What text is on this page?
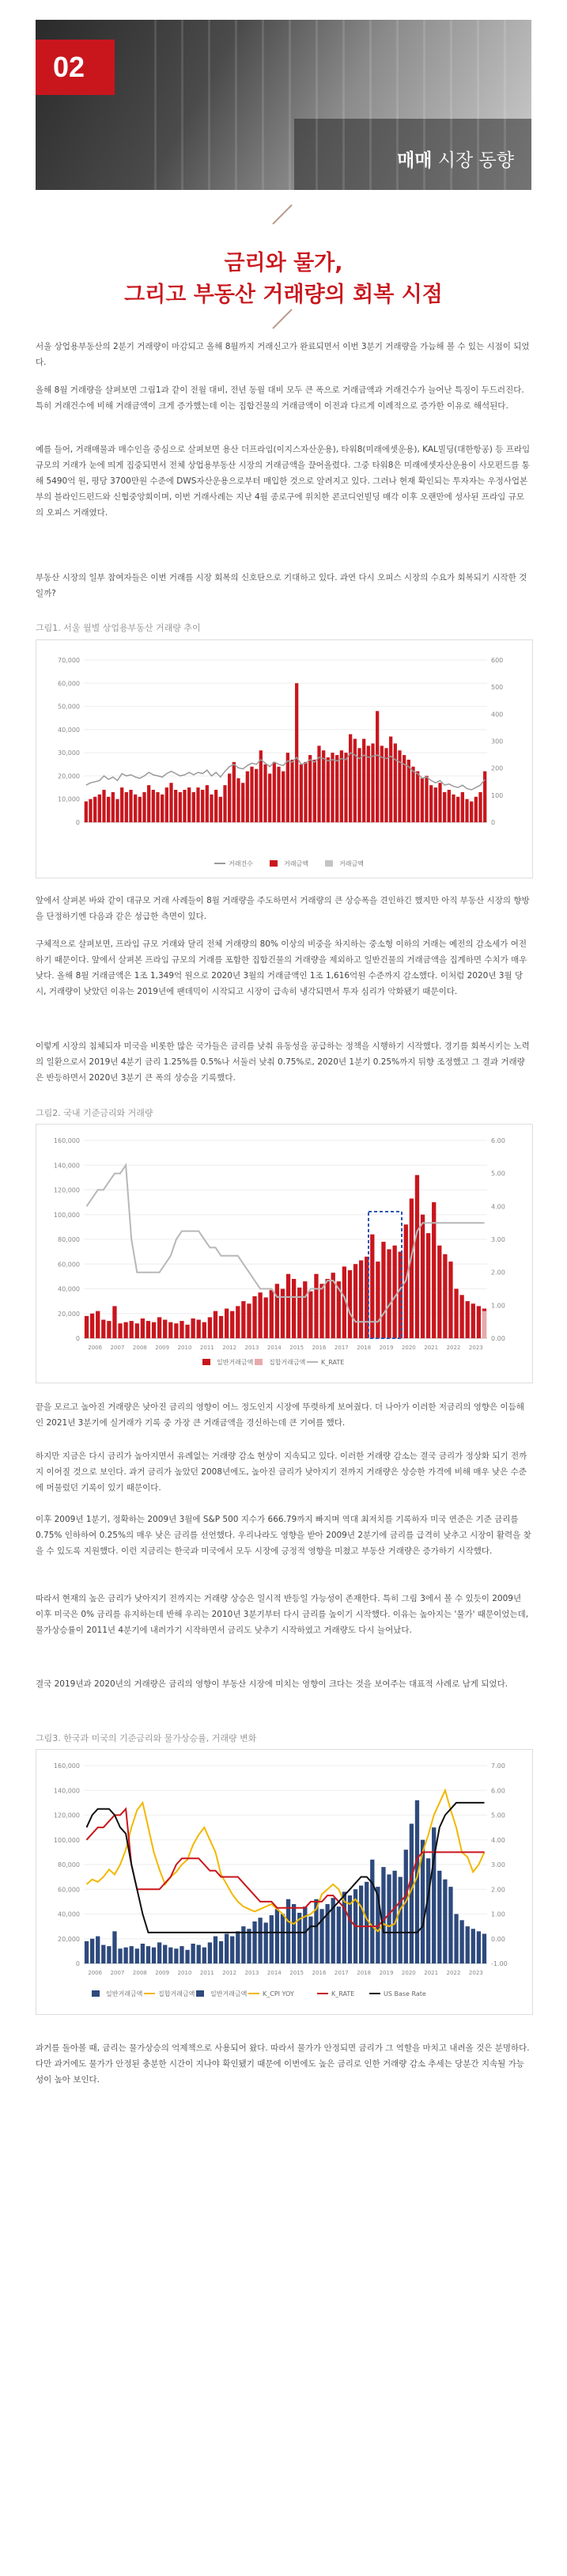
02
매매 시장 동향
금리와 물가,
그리고 부동산 거래량의 회복 시점

서울 상업용부동산의 2분기 거래량이 마감되고 올해 8월까지 거래신고가 완료되면서 이번 3분기 거래량을 가늠해 볼 수 있는 시점이 되었다.

올해 8월 거래량을 살펴보면 그림1과 같이 전월 대비, 전년 동월 대비 모두 큰 폭으로 거래금액과 거래건수가 늘어난 특징이 두드러진다. 특히 거래건수에 비해 거래금액이 크게 증가했는데 이는 집합건물의 거래금액이 이전과 다르게 이례적으로 증가한 이유로 해석된다.

예를 들어, 거래매물과 매수인을 중심으로 살펴보면 용산 더프라임(이지스자산운용), 타워8(미래에셋운용), KAL빌딩(대한항공) 등 프라임 규모의 거래가 눈에 띄게 집중되면서 전체 상업용부동산 시장의 거래금액을 끌어올렸다. 그중 타워8은 미래에셋자산운용이 사모펀드를 통해 5490억 원, 평당 3700만원 수준에 DWS자산운용으로부터 매입한 것으로 알려지고 있다. 그러나 현재 확인되는 투자자는 우정사업본부의 블라인드펀드와 신협중앙회이며, 이번 거래사례는 지난 4월 종로구에 위치한 콘코디언빌딩 매각 이후 오랜만에 성사된 프라임 규모의 오피스 거래였다.

부동산 시장의 일부 참여자들은 이번 거래를 시장 회복의 신호탄으로 기대하고 있다. 과연 다시 오피스 시장의 수요가 회복되기 시작한 것일까?

그림1. 서울 월별 상업용부동산 거래량 추이
70,000
60,000
50,000
40,000
30,000
20,000
10,000
0
600
500
400
300
200
100
0
거래건수	거래금액	거래금액

앞에서 살펴본 바와 같이 대규모 거래 사례들이 8월 거래량을 주도하면서 거래량의 큰 상승폭을 견인하긴 했지만 아직 부동산 시장의 향방을 단정하기엔 다음과 같은 성급한 측면이 있다.

구체적으로 살펴보면, 프라임 규모 거래와 달리 전체 거래량의 80% 이상의 비중을 차지하는 중소형 이하의 거래는 예전의 감소세가 여전하기 때문이다. 앞에서 살펴본 프라임 규모의 거래를 포함한 집합건물의 거래량을 제외하고 일반건물의 거래금액을 집계하면 수치가 매우 낮다. 올해 8월 거래금액은 1조 1,349억 원으로 2020년 3월의 거래금액인 1조 1,616억원 수준까지 감소했다. 이처럼 2020년 3월 당시, 거래량이 낮았던 이유는 2019년에 팬데믹이 시작되고 시장이 급속히 냉각되면서 투자 심리가 악화됐기 때문이다.

이렇게 시장의 침체되자 미국을 비롯한 많은 국가들은 금리를 낮춰 유동성을 공급하는 정책을 시행하기 시작했다. 경기를 회복시키는 노력의 일환으로서 2019년 4분기 금리 1.25%를 0.5%나 서둘러 낮춰 0.75%로, 2020년 1분기 0.25%까지 뒤향 조정했고 그 결과 거래량은 반등하면서 2020년 3분기 큰 폭의 상승을 기록했다.

그림2. 국내 기준금리와 거래량
160,000
140,000
120,000
100,000
80,000
60,000
40,000
20,000
0
6.00
5.00
4.00
3.00
2.00
1.00
0.00
2006 2007 2008 2009 2010 2011 2012 2013 2014 2015 2016 2017 2018 2019 2020 2021 2022 2023
일반거래금액 집합거래금액 K_RATE

끝을 모르고 높아진 거래량은 낮아진 금리의 영향이 어느 정도인지 시장에 뚜렷하게 보여줬다. 더 나아가 이러한 저금리의 영향은 이듬해인 2021년 3분기에 실거래가 기록 중 가장 큰 거래금액을 경신하는데 큰 기여를 했다.

하지만 지금은 다시 금리가 높아지면서 유례없는 거래량 감소 현상이 지속되고 있다. 이러한 거래량 감소는 결국 금리가 정상화 되기 전까지 이어질 것으로 보인다. 과거 금리가 높았던 2008년에도, 높아진 금리가 낮아지기 전까지 거래량은 상승한 가격에 비해 매우 낮은 수준에 머물렀던 기록이 있기 때문이다.

이후 2009년 1분기, 정확하는 2009년 3월에 S&P 500 지수가 666.79까지 빠지며 역대 최저치를 기록하자 미국 연준은 기준 금리를 0.75% 인하하여 0.25%의 매우 낮은 금리를 선언했다. 우리나라도 영향을 받아 2009년 2분기에 금리를 급격히 낮추고 시장이 활력을 찾을 수 있도록 지원했다. 이런 지금리는 한국과 미국에서 모두 시장에 긍정적 영향을 미쳤고 부동산 거래량은 증가하기 시작했다.

따라서 현재의 높은 금리가 낮아지기 전까지는 거래량 상승은 일시적 반등일 가능성이 존재한다. 특히 그림 3에서 볼 수 있듯이 2009년 이후 미국은 0% 금리를 유지하는데 반해 우리는 2010년 3분기부터 다시 금리를 높이기 시작했다. 이유는 높아지는 '물가' 때문이었는데, 물가상승률이 2011년 4분기에 내려가기 시작하면서 금리도 낮추기 시작하였고 거래량도 다시 늘어났다.

결국 2019년과 2020년의 거래량은 금리의 영향이 부동산 시장에 미치는 영향이 크다는 것을 보여주는 대표적 사례로 남게 되었다.

그림3. 한국과 미국의 기준금리와 물가상승률, 거래량 변화
160,000
140,000
120,000
100,000
80,000
60,000
40,000
20,000
0
7.00
6.00
5.00
4.00
3.00
2.00
1.00
0.00
-1.00
2006 2007 2008 2009 2010 2011 2012 2013 2014 2015 2016 2017 2018 2019 2020 2021 2022 2023
일반거래금액 집합거래금액 일반거래금액 K_CPI YOY	K_RATE	US Base Rate

과거를 돌아볼 때, 금리는 물가상승의 억제책으로 사용되어 왔다. 따라서 물가가 안정되면 금리가 그 역할을 마치고 내려올 것은 분명하다. 다만 과거에도 물가가 안정된 충분한 시간이 지나야 확인됐기 때문에 이번에도 높은 금리로 인한 거래량 감소 추세는 당분간 지속될 가능성이 높아 보인다.
